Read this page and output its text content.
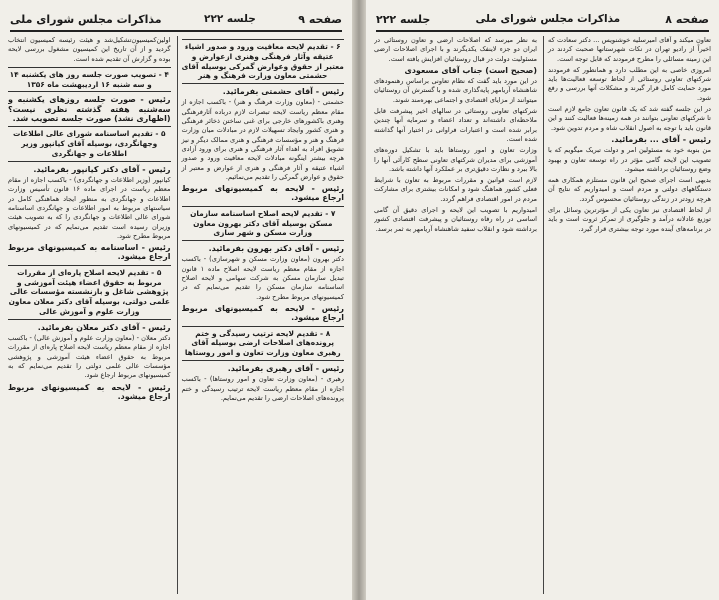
صفحه ۹
جلسه ۲۲۲
مذاکرات مجلس شورای ملی

۶ - تقدیم لایحه معافیت ورود و صدور اشیاء عتیقه وآثار فرهنگی وهنری ازعوارض و معتبر از حقوق وعوارض گمرکی بوسیله آقای حشمتی معاون وزارت فرهنگ و هنر

رئیس - آقای حشمتی بفرمائید.

حشمتی - (معاون وزارت فرهنگ و هنر) - باکسب اجازه از مقام معظم ریاست لایحه تبصرات لازم درباده آثارفرهنگی وهنری باکشورهای خارجی برای غنی ساختن ذخائر فرهنگی و هنری کشور وایجاد تسهیلات لازم در مبادلات میان وزارت فرهنگ و هنر و مؤسسات فرهنگی و هنری ممالک دیگر و نیز تشویق افراد به اهداء آثار فرهنگی و هنری برای ورود آزادی هرچه بیشتر اینگونه مبادلات لایحه معافیت ورود و صدور اشیاء عتیقه و آثار فرهنگی و هنری از عوارض و معتبر از حقوق و عوارض گمرکی را تقدیم می‌نمائیم.

رئیس - لایحه به کمیسیونهای مربوط ارجاع میشود.

۷ - تقدیم لایحه اصلاح اساسنامه سازمان مسکن بوسیله آقای دکتر بهرون معاون وزارت مسکن و شهر سازی

رئیس - آقای دکتر بهرون بفرمائید.

دکتر بهرون (معاون وزارت مسکن و شهرسازی) - باکسب اجازه از مقام معظم ریاست لایحه اصلاح ماده ۱ قانون تبدیل سازمان مسکن به شرکت سهامی و لایحه اصلاح اساسنامه سازمان مسکن را تقدیم می‌نمایم که در کمیسیونهای مربوط مطرح شود.

رئیس - لایحه به کمیسیونهای مربوط ارجاع میشود.

۸ - تقدیم لایحه ترتیب رسیدگی و ختم پرونده‌های اصلاحات ارضی بوسیله آقای رهبری معاون وزارت تعاون و امور روستاها

رئیس - آقای رهبری بفرمائید.

رهبری - (معاون وزارت تعاون و امور روستاها) - باکسب اجازه از مقام معظم ریاست لایحه ترتیب رسیدگی و ختم پرونده‌های اصلاحات ارضی را تقدیم می‌نمایم.

اولین‌کمیسیون‌تشکیل‌شد و هیئت رئیسه کمیسیون انتخاب گردید و از آن تاریخ این کمیسیون مشغول بررسی لایحه بوده و گزارش آن تقدیم شده است.

۴ - تصویب صورت جلسه روز های یکشنبه ۱۴ و سه شنبه ۱۶ اردیبهشت ماه ۱۳۵۶

رئیس - صورت جلسه روزهای یکشنبه و سه‌شنبه هفته گذشته نظری نیست؟ (اظهاری نشد) صورت جلسه تصویب شد.

۵ - تقدیم اساسنامه شورای عالی اطلاعات وجهانگردی، بوسیله آقای کیانپور وزیر اطلاعات و جهانگردی

رئیس - آقای دکتر کیانپور بفرمائید.

کیانپور (وزیر اطلاعات و جهانگردی) - باکسب اجازه از مقام معظم ریاست در اجرای ماده ۱۶ قانون تأسیس وزارت اطلاعات و جهانگردی به منظور ایجاد هماهنگی کامل در سیاستهای مربوط به امور اطلاعات و جهانگردی اساسنامه شورای عالی اطلاعات و جهانگردی را که به تصویب هیئت وزیران رسیده است تقدیم می‌نمایم که در کمیسیونهای مربوط مطرح شود.

رئیس - اساسنامه به کمیسیونهای مربوط ارجاع میشود.

۵ - تقدیم لایحه اصلاح پاره‌ای از مقررات مربوط به حقوق اعضاء هیئت آموزشی و پژوهشی شاغل و بازنشسته مؤسسات عالی علمی دولتی، بوسیله آقای دکتر معلان معاون وزارت علوم و آموزش عالی

رئیس - آقای دکتر معلان بفرمائید.

دکتر معلان - (معاون وزارت علوم و آموزش عالی) - باکسب اجازه از مقام معظم ریاست لایحه اصلاح پاره‌ای از مقررات مربوط به حقوق اعضاء هیئت آموزشی و پژوهشی مؤسسات عالی علمی دولتی را تقدیم می‌نمایم که به کمیسیونهای مربوط ارجاع شود.

رئیس - لایحه به کمیسیونهای مربوط ارجاع میشود.

صفحه ۸
مذاکرات مجلس شورای ملی
جلسه ۲۲۲

تعاون میکند و آقای امیرسلیه خوشنویس ... دکتر سعادت که اخیراً از رادیو تهران در نکات شهرستانها صحبت کردند در این زمینه مسائلی را مطرح فرمودند که قابل توجه است.

امروزی خاصی به این مطلب دارد و همانطور که فرمودند شرکتهای تعاونی روستائی از لحاظ توسعه فعالیت‌ها باید مورد حمایت کامل قرار گیرند و مشکلات آنها بررسی و رفع شود.

در این جلسه گفته شد که یک قانون تعاون جامع لازم است تا شرکتهای تعاونی بتوانند در همه زمینه‌ها فعالیت کنند و این قانون باید با توجه به اصول انقلاب شاه و مردم تدوین شود.

رئیس - آقای ... بفرمائید.

من بنوبه خود به مسئولین امر و دولت تبریک میگویم که با تصویب این لایحه گامی مؤثر در راه توسعه تعاون و بهبود وضع روستائیان برداشته میشود.

بدیهی است اجرای صحیح این قانون مستلزم همکاری همه دستگاههای دولتی و مردم است و امیدواریم که نتایج آن هرچه زودتر در زندگی روستائیان محسوس گردد.

از لحاظ اقتصادی نیز تعاون یکی از مؤثرترین وسائل برای توزیع عادلانه درآمد و جلوگیری از تمرکز ثروت است و باید در برنامه‌های آینده مورد توجه بیشتری قرار گیرد.

به نظر میرسد که اصلاحات ارضی و تعاون روستائی در ایران دو جزء لاینفک یکدیگرند و با اجرای اصلاحات ارضی مسئولیت دولت در قبال روستائیان افزایش یافته است.

(صحیح است) جناب آقای مسعودی

در این مورد باید گفت که نظام تعاونی براساس رهنمودهای شاهنشاه آریامهر پایه‌گذاری شده و با گسترش آن روستائیان میتوانند از مزایای اقتصادی و اجتماعی بهره‌مند شوند.

شرکتهای تعاونی روستائی در سالهای اخیر پیشرفت قابل ملاحظه‌ای داشته‌اند و تعداد اعضاء و سرمایه آنها چندین برابر شده است و اعتبارات فراوانی در اختیار آنها گذاشته شده است.

وزارت تعاون و امور روستاها باید با تشکیل دوره‌های آموزشی برای مدیران شرکتهای تعاونی سطح کارآئی آنها را بالا ببرد و نظارت دقیق‌تری بر عملکرد آنها داشته باشد.

لازم است قوانین و مقررات مربوط به تعاون با شرایط فعلی کشور هماهنگ شود و امکانات بیشتری برای مشارکت مردم در امور اقتصادی فراهم گردد.

امیدواریم با تصویب این لایحه و اجرای دقیق آن گامی اساسی در راه رفاه روستائیان و پیشرفت اقتصادی کشور برداشته شود و انقلاب سفید شاهنشاه آریامهر به ثمر برسد.
